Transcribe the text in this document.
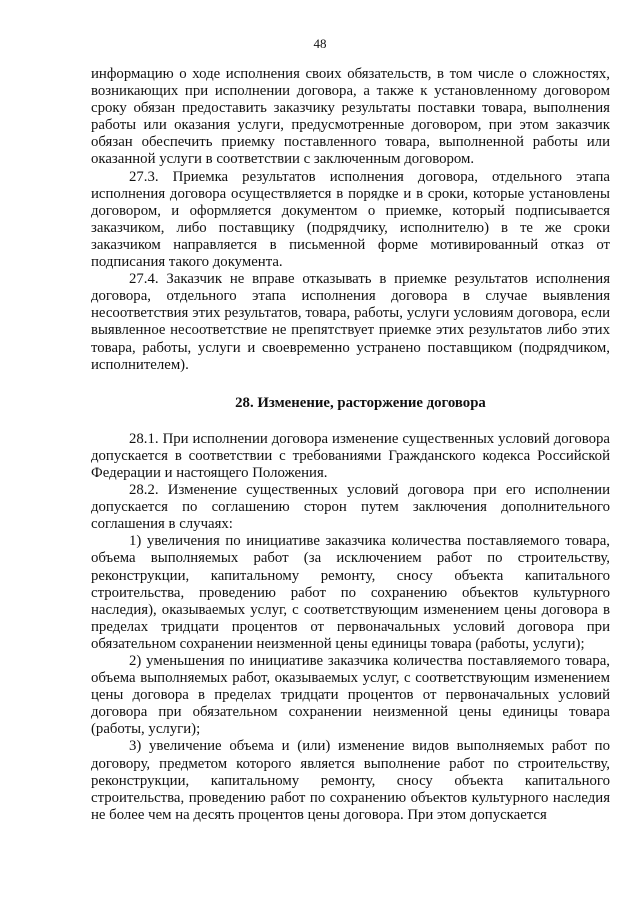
48

информацию о ходе исполнения своих обязательств, в том числе о сложностях, возникающих при исполнении договора, а также к установленному договором сроку обязан предоставить заказчику результаты поставки товара, выполнения работы или оказания услуги, предусмотренные договором, при этом заказчик обязан обеспечить приемку поставленного товара, выполненной работы или оказанной услуги в соответствии с заключенным договором.

27.3. Приемка результатов исполнения договора, отдельного этапа исполнения договора осуществляется в порядке и в сроки, которые установлены договором, и оформляется документом о приемке, который подписывается заказчиком, либо поставщику (подрядчику, исполнителю) в те же сроки заказчиком направляется в письменной форме мотивированный отказ от подписания такого документа.

27.4. Заказчик не вправе отказывать в приемке результатов исполнения договора, отдельного этапа исполнения договора в случае выявления несоответствия этих результатов, товара, работы, услуги условиям договора, если выявленное несоответствие не препятствует приемке этих результатов либо этих товара, работы, услуги и своевременно устранено поставщиком (подрядчиком, исполнителем).

28. Изменение, расторжение договора

28.1. При исполнении договора изменение существенных условий договора допускается в соответствии с требованиями Гражданского кодекса Российской Федерации и настоящего Положения.

28.2. Изменение существенных условий договора при его исполнении допускается по соглашению сторон путем заключения дополнительного соглашения в случаях:

1) увеличения по инициативе заказчика количества поставляемого товара, объема выполняемых работ (за исключением работ по строительству, реконструкции, капитальному ремонту, сносу объекта капитального строительства, проведению работ по сохранению объектов культурного наследия), оказываемых услуг, с соответствующим изменением цены договора в пределах тридцати процентов от первоначальных условий договора при обязательном сохранении неизменной цены единицы товара (работы, услуги);

2) уменьшения по инициативе заказчика количества поставляемого товара, объема выполняемых работ, оказываемых услуг, с соответствующим изменением цены договора в пределах тридцати процентов от первоначальных условий договора при обязательном сохранении неизменной цены единицы товара (работы, услуги);

3) увеличение объема и (или) изменение видов выполняемых работ по договору, предметом которого является выполнение работ по строительству, реконструкции, капитальному ремонту, сносу объекта капитального строительства, проведению работ по сохранению объектов культурного наследия не более чем на десять процентов цены договора. При этом допускается
